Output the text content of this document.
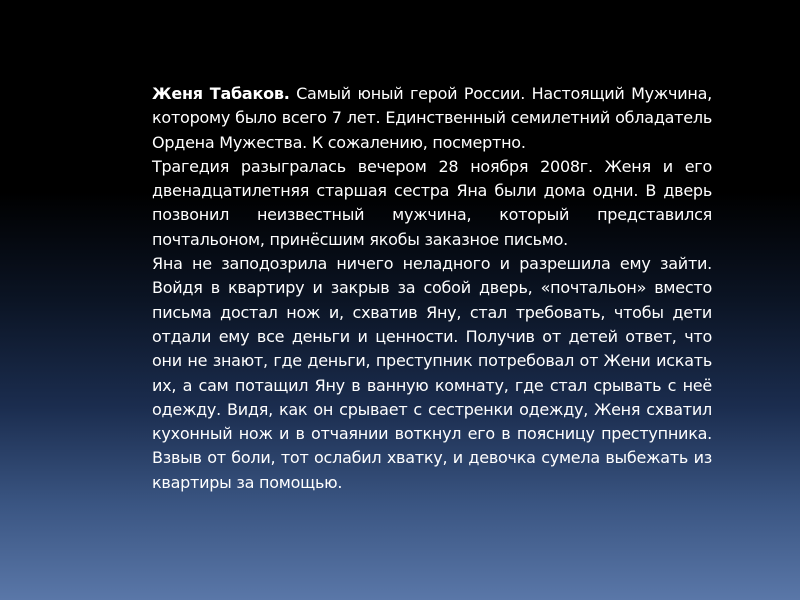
Женя Табаков. Самый юный герой России. Настоящий Мужчина, которому было всего 7 лет. Единственный семилетний обладатель Ордена Мужества. К сожалению, посмертно.

Трагедия разыгралась вечером 28 ноября 2008г. Женя и его двенадцатилетняя старшая сестра Яна были дома одни. В дверь позвонил неизвестный мужчина, который представился почтальоном, принёсшим якобы заказное письмо.

Яна не заподозрила ничего неладного и разрешила ему зайти. Войдя в квартиру и закрыв за собой дверь, «почтальон» вместо письма достал нож и, схватив Яну, стал требовать, чтобы дети отдали ему все деньги и ценности. Получив от детей ответ, что они не знают, где деньги, преступник потребовал от Жени искать их, а сам потащил Яну в ванную комнату, где стал срывать с неё одежду. Видя, как он срывает с сестренки одежду, Женя схватил кухонный нож и в отчаянии воткнул его в поясницу преступника. Взвыв от боли, тот ослабил хватку, и девочка сумела выбежать из квартиры за помощью.
